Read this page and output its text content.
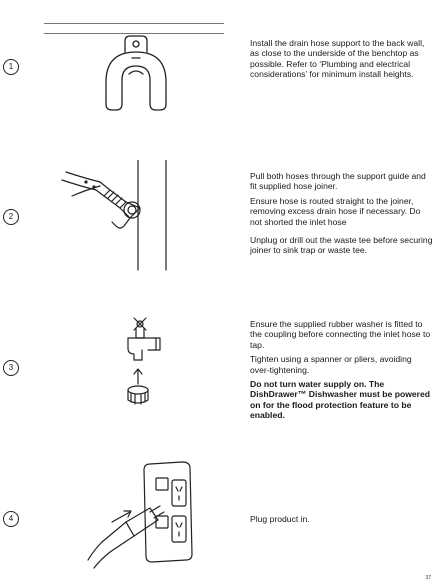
1

Install the drain hose support to the back wall, as close to the underside of the benchtop as possible. Refer to ‘Plumbing and electrical considerations’ for minimum install heights.

2

Pull both hoses through the support guide and fit supplied hose joiner.

Ensure hose is routed straight to the joiner, removing excess drain hose if necessary. Do not shorted the inlet hose

Unplug or drill out the waste tee before securing joiner to sink trap or waste tee.

3

Ensure the supplied rubber washer is fitted to the coupling before connecting the inlet hose to tap.

Tighten using a spanner or pliers, avoiding over-tightening.

Do not turn water supply on. The DishDrawer™ Dishwasher must be powered on for the flood protection feature to be enabled.

4	Plug product in.

37
